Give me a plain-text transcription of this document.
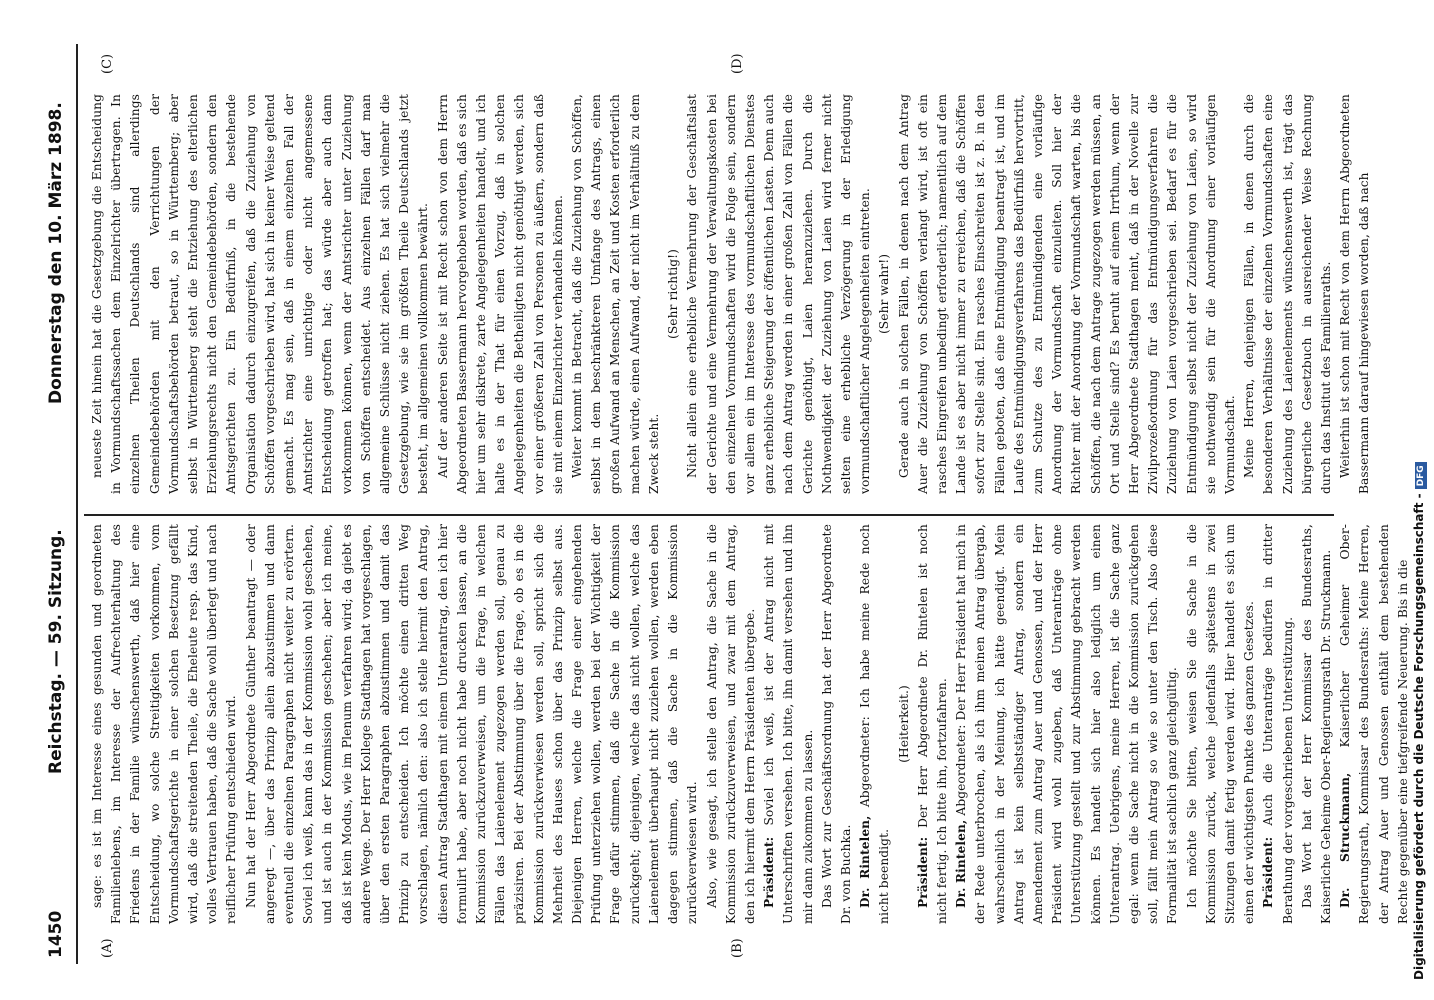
1450
Reichstag. — 59. Sitzung.
Donnerstag den 10. März 1898.

sage: es ist im Interesse eines gesunden und geordneten Familienlebens, im Interesse der Aufrechterhaltung des Friedens in der Familie wünschenswerth, daß hier eine Entscheidung, wo solche Streitigkeiten vorkommen, vom Vormundschaftsgerichte in einer solchen Besetzung gefällt wird, daß die streitenden Theile, die Eheleute resp. das Kind, volles Vertrauen haben, daß die Sache wohl überlegt und nach reiflicher Prüfung entschieden wird. Nun hat der Herr Abgeordnete Günther beantragt — oder angeregt —, über das Prinzip allein abzustimmen und dann eventuell die einzelnen Paragraphen nicht weiter zu erörtern. Soviel ich weiß, kann das in der Kommission wohl geschehen, und ist auch in der Kommission geschehen; aber ich meine, daß ist kein Modus, wie im Plenum verfahren wird; da giebt es andere Wege. Der Herr Kollege Stadthagen hat vorgeschlagen, über den ersten Paragraphen abzustimmen und damit das Prinzip zu entscheiden. Ich möchte einen dritten Weg vorschlagen, nämlich den: also ich stelle hiermit den Antrag, diesen Antrag Stadthagen mit einem Unterantrag, den ich hier formulirt habe, aber noch nicht habe drucken lassen, an die Kommission zurückzuverweisen, um die Frage, in welchen Fällen das Laienelement zugezogen werden soll, genau zu präzisiren. Bei der Abstimmung über die Frage, ob es in die Kommission zurückverwiesen werden soll, spricht sich die Mehrheit des Hauses schon über das Prinzip selbst aus. Diejenigen Herren, welche die Frage einer eingehenden Prüfung unterziehen wollen, werden bei der Wichtigkeit der Frage dafür stimmen, daß die Sache in die Kommission zurückgeht; diejenigen, welche das nicht wollen, welche das Laienelement überhaupt nicht zuziehen wollen, werden eben dagegen stimmen, daß die Sache in die Kommission zurückverwiesen wird. Also, wie gesagt, ich stelle den Antrag, die Sache in die Kommission zurückzuverweisen, und zwar mit dem Antrag, den ich hiermit dem Herrn Präsidenten übergebe. Präsident: Soviel ich weiß, ist der Antrag nicht mit Unterschriften versehen. Ich bitte, ihn damit versehen und ihn mir dann zukommen zu lassen. Das Wort zur Geschäftsordnung hat der Herr Abgeordnete Dr. von Buchka. Dr. Rintelen, Abgeordneter: Ich habe meine Rede noch nicht beendigt.

(Heiterkeit.)

Präsident: Der Herr Abgeordnete Dr. Rintelen ist noch nicht fertig. Ich bitte ihn, fortzufahren. Dr. Rintelen, Abgeordneter: Der Herr Präsident hat mich in der Rede unterbrochen, als ich ihm meinen Antrag übergab, wahrscheinlich in der Meinung, ich hätte geendigt. Mein Antrag ist kein selbstständiger Antrag, sondern ein Amendement zum Antrag Auer und Genossen, und der Herr Präsident wird wohl zugeben, daß Unteranträge ohne Unterstützung gestellt und zur Abstimmung gebracht werden können. Es handelt sich hier also lediglich um einen Unterantrag. Uebrigens, meine Herren, ist die Sache ganz egal: wenn die Sache nicht in die Kommission zurückgehen soll, fällt mein Antrag so wie so unter den Tisch. Also diese Formalität ist sachlich ganz gleichgültig. Ich möchte Sie bitten, weisen Sie die Sache in die Kommission zurück, welche jedenfalls spätestens in zwei Sitzungen damit fertig werden wird. Hier handelt es sich um einen der wichtigsten Punkte des ganzen Gesetzes. Präsident: Auch die Unteranträge bedürfen in dritter Berathung der vorgeschriebenen Unterstützung. Das Wort hat der Herr Kommissar des Bundesraths, Kaiserliche Geheime Ober-Regierungsrath Dr. Struckmann. Dr. Struckmann, Kaiserlicher Geheimer Ober-Regierungsrath, Kommissar des Bundesraths: Meine Herren, der Antrag Auer und Genossen enthält dem bestehenden Rechte gegenüber eine tiefgreifende Neuerung. Bis in die

neueste Zeit hinein hat die Gesetzgebung die Entscheidung in Vormundschaftssachen dem Einzelrichter übertragen. In einzelnen Theilen Deutschlands sind allerdings Gemeindebehörden mit den Verrichtungen der Vormundschaftsbehörden betraut, so in Württemberg; aber selbst in Württemberg steht die Entziehung des elterlichen Erziehungsrechts nicht den Gemeindebehörden, sondern den Amtsgerichten zu. Ein Bedürfniß, in die bestehende Organisation dadurch einzugreifen, daß die Zuziehung von Schöffen vorgeschrieben wird, hat sich in keiner Weise geltend gemacht. Es mag sein, daß in einem einzelnen Fall der Amtsrichter eine unrichtige oder nicht angemessene Entscheidung getroffen hat; das würde aber auch dann vorkommen können, wenn der Amtsrichter unter Zuziehung von Schöffen entscheidet. Aus einzelnen Fällen darf man allgemeine Schlüsse nicht ziehen. Es hat sich vielmehr die Gesetzgebung, wie sie im größten Theile Deutschlands jetzt besteht, im allgemeinen vollkommen bewährt. Auf der anderen Seite ist mit Recht schon von dem Herrn Abgeordneten Bassermann hervorgehoben worden, daß es sich hier um sehr diskrete, zarte Angelegenheiten handelt, und ich halte es in der That für einen Vorzug, daß in solchen Angelegenheiten die Betheiligten nicht genöthigt werden, sich vor einer größeren Zahl von Personen zu äußern, sondern daß sie mit einem Einzelrichter verhandeln können. Weiter kommt in Betracht, daß die Zuziehung von Schöffen, selbst in dem beschränkteren Umfange des Antrags, einen großen Aufwand an Menschen, an Zeit und Kosten erforderlich machen würde, einen Aufwand, der nicht im Verhältniß zu dem Zweck steht.

(Sehr richtig!) Nicht allein eine erhebliche Vermehrung der Geschäftslast der Gerichte und eine Vermehrung der Verwaltungskosten bei den einzelnen Vormundschaften wird die Folge sein, sondern vor allem ein im Interesse des vormundschaftlichen Dienstes ganz erhebliche Steigerung der öffentlichen Lasten. Denn auch nach dem Antrag werden in einer großen Zahl von Fällen die Gerichte genöthigt, Laien heranzuziehen. Durch die Nothwendigkeit der Zuziehung von Laien wird ferner nicht selten eine erhebliche Verzögerung in der Erledigung vormundschaftlicher Angelegenheiten eintreten. (Sehr wahr!) Gerade auch in solchen Fällen, in denen nach dem Antrag Auer die Zuziehung von Schöffen verlangt wird, ist oft ein rasches Eingreifen unbedingt erforderlich; namentlich auf dem Lande ist es aber nicht immer zu erreichen, daß die Schöffen sofort zur Stelle sind. Ein rasches Einschreiten ist z. B. in den Fällen geboten, daß eine Entmündigung beantragt ist, und im Laufe des Entmündigungsverfahrens das Bedürfniß hervortritt, zum Schutze des zu Entmündigenden eine vorläufige Anordnung der Vormundschaft einzuleiten. Soll hier der Richter mit der Anordnung der Vormundschaft warten, bis die Schöffen, die nach dem Antrage zugezogen werden müssen, an Ort und Stelle sind? Es beruht auf einem Irrthum, wenn der Herr Abgeordnete Stadthagen meint, daß in der Novelle zur Zivilprozeßordnung für das Entmündigungsverfahren die Zuziehung von Laien vorgeschrieben sei. Bedarf es für die Entmündigung selbst nicht der Zuziehung von Laien, so wird sie nothwendig sein für die Anordnung einer vorläufigen Vormundschaft. Meine Herren, denjenigen Fällen, in denen durch die besonderen Verhältnisse der einzelnen Vormundschaften eine Zuziehung des Laienelements wünschenswerth ist, trägt das bürgerliche Gesetzbuch in ausreichender Weise Rechnung durch das Institut des Familienraths. Weiterhin ist schon mit Recht von dem Herrn Abgeordneten Bassermann darauf hingewiesen worden, daß nach

(A)	(B)
(C)	(D)
Digitalisierung gefördert durch die Deutsche Forschungsgemeinschaft -DFG
